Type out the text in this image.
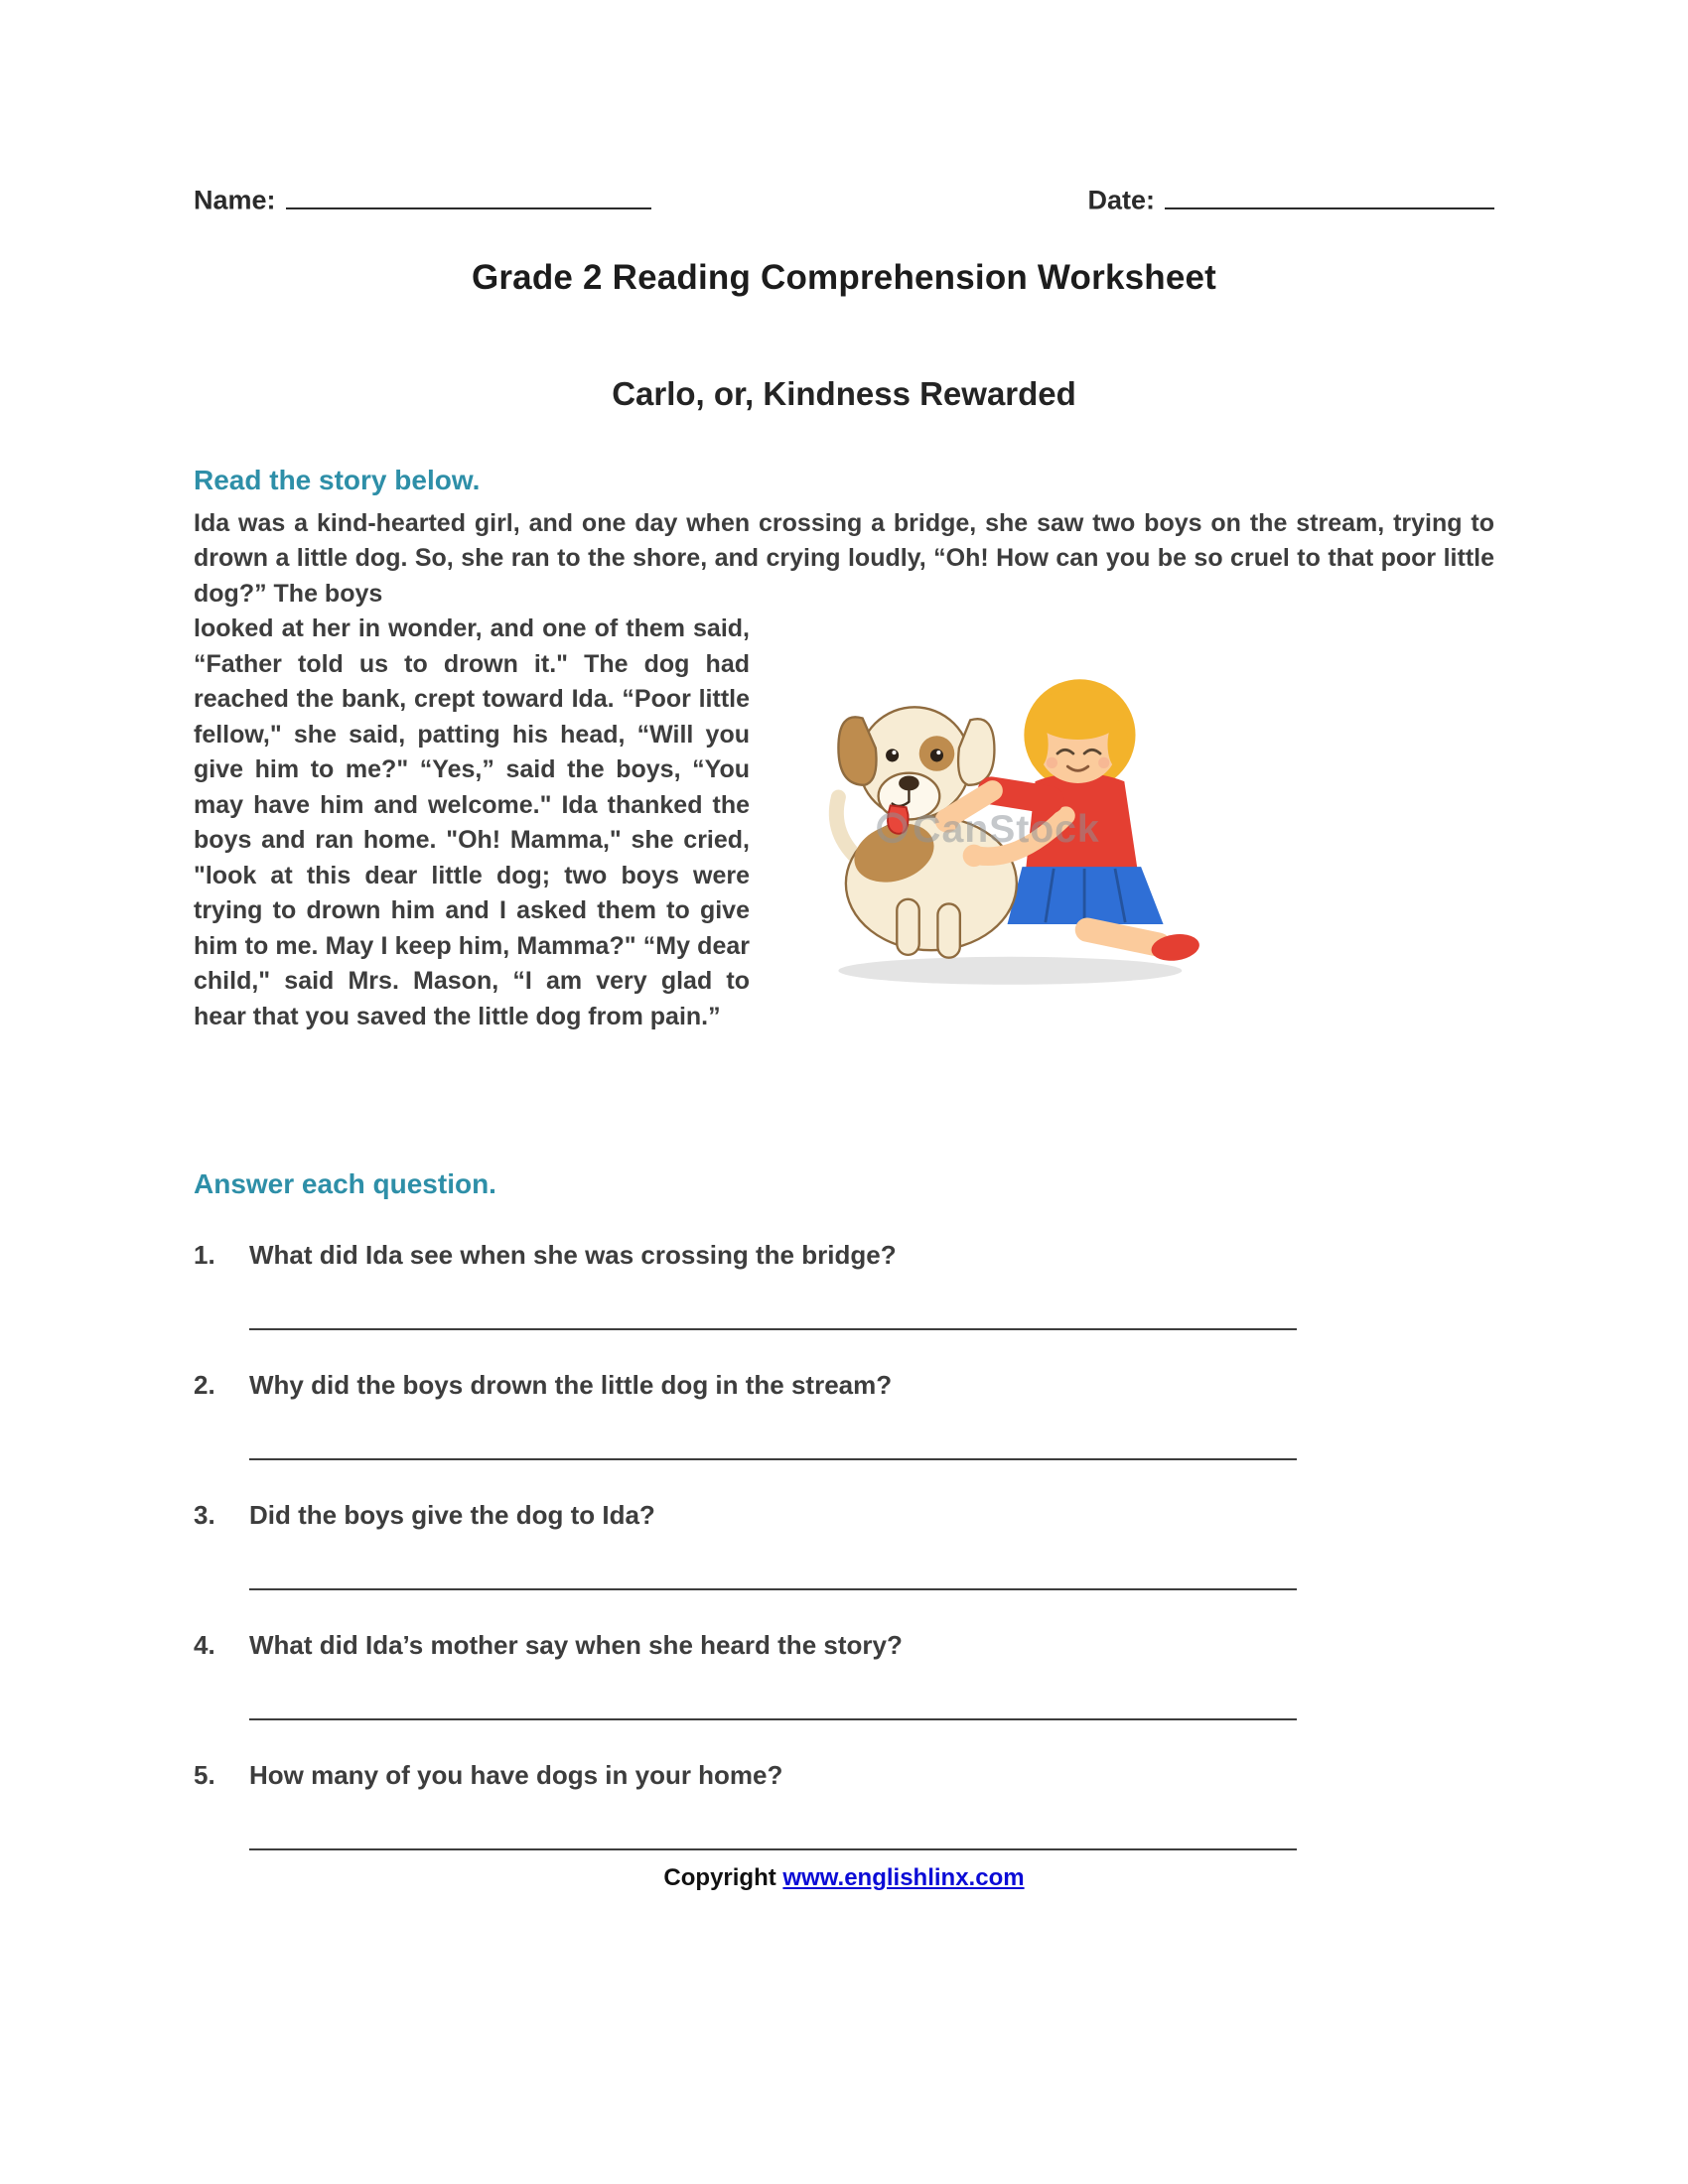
Name:	Date:
Grade 2 Reading Comprehension Worksheet
Carlo, or, Kindness Rewarded
Read the story below.

Ida was a kind-hearted girl, and one day when crossing a bridge, she saw two boys on the stream, trying to drown a little dog. So, she ran to the shore, and crying loudly, “Oh! How can you be so cruel to that poor little dog?” The boys

CanStock

looked at her in wonder, and one of them said, “Father told us to drown it." The dog had reached the bank, crept toward Ida. “Poor little fellow," she said, patting his head, “Will you give him to me?" “Yes,” said the boys, “You may have him and welcome." Ida thanked the boys and ran home. "Oh! Mamma," she cried, "look at this dear little dog; two boys were trying to drown him and I asked them to give him to me. May I keep him, Mamma?" “My dear child," said Mrs. Mason, “I am very glad to hear that you saved the little dog from pain.”

Answer each question.
1.	What did Ida see when she was crossing the bridge?
2.	Why did the boys drown the little dog in the stream?
3.	Did the boys give the dog to Ida?
4.	What did Ida’s mother say when she heard the story?
5.	How many of you have dogs in your home?
Copyright www.englishlinx.com
